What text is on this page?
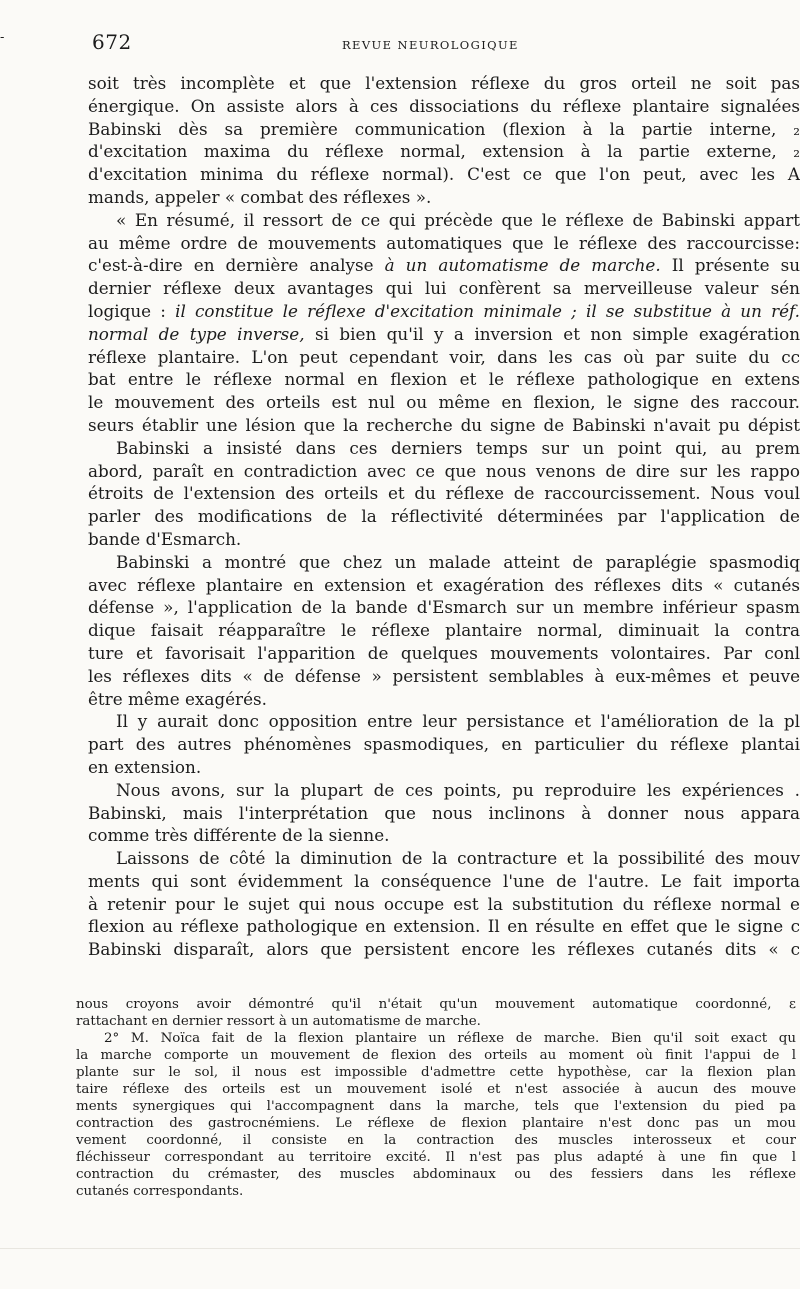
-	672	REVUE NEUROLOGIQUE
soit très incomplète et que l'extension réflexe du gros orteil ne soit pas
énergique. On assiste alors à ces dissociations du réflexe plantaire signalées
Babinski dès sa première communication (flexion à la partie interne, ₂
d'excitation maxima du réflexe normal, extension à la partie externe, ₂
d'excitation minima du réflexe normal). C'est ce que l'on peut, avec les A
mands, appeler « combat des réflexes ».
« En résumé, il ressort de ce qui précède que le réflexe de Babinski appart
au même ordre de mouvements automatiques que le réflexe des raccourcisse:
c'est-à-dire en dernière analyse à un automatisme de marche. Il présente su
dernier réflexe deux avantages qui lui confèrent sa merveilleuse valeur sén
logique : il constitue le réflexe d'excitation minimale ; il se substitue à un réf.
normal de type inverse, si bien qu'il y a inversion et non simple exagération
réflexe plantaire. L'on peut cependant voir, dans les cas où par suite du cc
bat entre le réflexe normal en flexion et le réflexe pathologique en extens
le mouvement des orteils est nul ou même en flexion, le signe des raccour.
seurs établir une lésion que la recherche du signe de Babinski n'avait pu dépist
Babinski a insisté dans ces derniers temps sur un point qui, au prem
abord, paraît en contradiction avec ce que nous venons de dire sur les rappo
étroits de l'extension des orteils et du réflexe de raccourcissement. Nous voul
parler des modifications de la réflectivité déterminées par l'application de
bande d'Esmarch.
Babinski a montré que chez un malade atteint de paraplégie spasmodiq
avec réflexe plantaire en extension et exagération des réflexes dits « cutanés
défense », l'application de la bande d'Esmarch sur un membre inférieur spasm
dique faisait réapparaître le réflexe plantaire normal, diminuait la contra
ture et favorisait l'apparition de quelques mouvements volontaires. Par conl
les réflexes dits « de défense » persistent semblables à eux-mêmes et peuve
être même exagérés.
Il y aurait donc opposition entre leur persistance et l'amélioration de la pl
part des autres phénomènes spasmodiques, en particulier du réflexe plantai
en extension.
Nous avons, sur la plupart de ces points, pu reproduire les expériences .
Babinski, mais l'interprétation que nous inclinons à donner nous appara
comme très différente de la sienne.
Laissons de côté la diminution de la contracture et la possibilité des mouv
ments qui sont évidemment la conséquence l'une de l'autre. Le fait importa
à retenir pour le sujet qui nous occupe est la substitution du réflexe normal e
flexion au réflexe pathologique en extension. Il en résulte en effet que le signe c
Babinski disparaît, alors que persistent encore les réflexes cutanés dits « c
nous croyons avoir démontré qu'il n'était qu'un mouvement automatique coordonné, ε
rattachant en dernier ressort à un automatisme de marche.
2° M. Noïca fait de la flexion plantaire un réflexe de marche. Bien qu'il soit exact qu
la marche comporte un mouvement de flexion des orteils au moment où finit l'appui de l
plante sur le sol, il nous est impossible d'admettre cette hypothèse, car la flexion plan
taire réflexe des orteils est un mouvement isolé et n'est associée à aucun des mouve
ments synergiques qui l'accompagnent dans la marche, tels que l'extension du pied pa
contraction des gastrocnémiens. Le réflexe de flexion plantaire n'est donc pas un mou
vement coordonné, il consiste en la contraction des muscles interosseux et cour
fléchisseur correspondant au territoire excité. Il n'est pas plus adapté à une fin que l
contraction du crémaster, des muscles abdominaux ou des fessiers dans les réflexe
cutanés correspondants.
